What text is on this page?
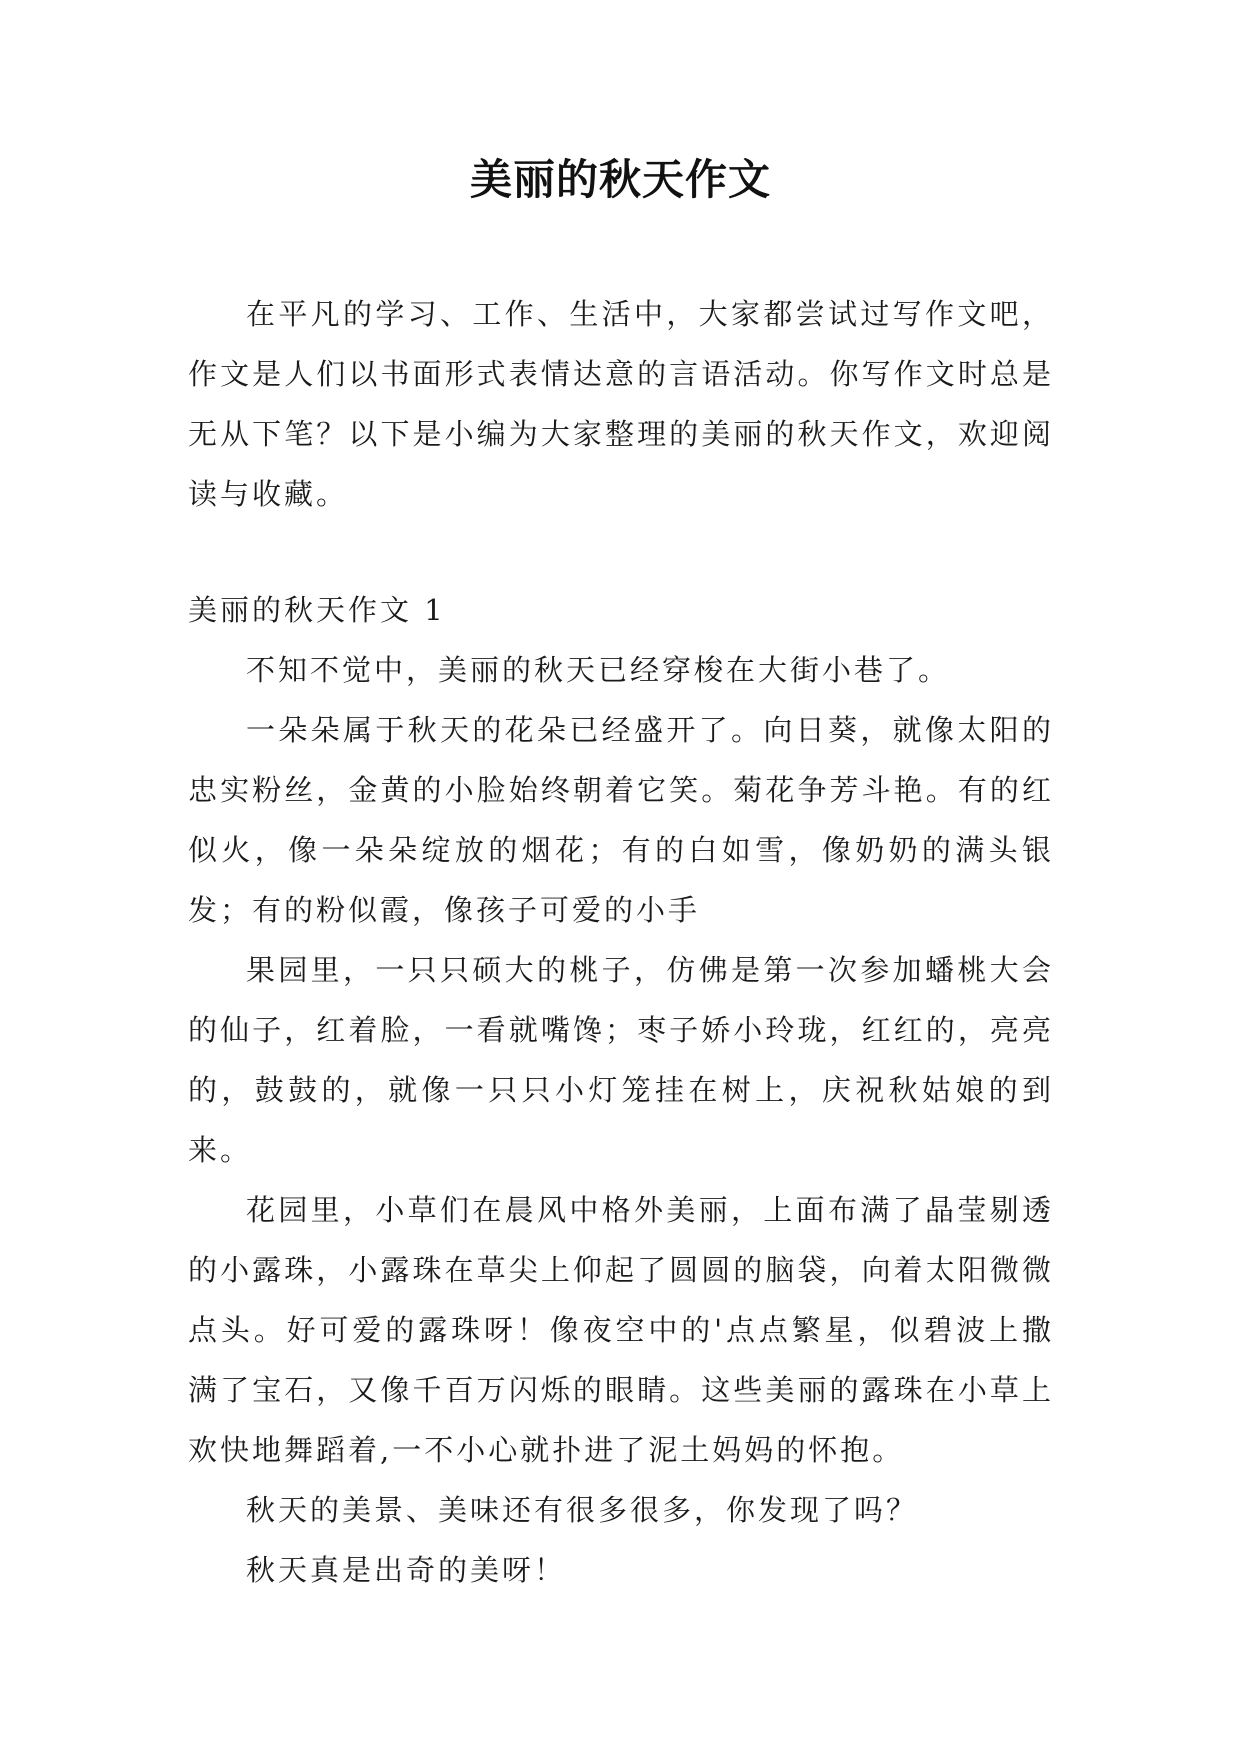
美丽的秋天作文

在平凡的学习、工作、生活中，大家都尝试过写作文吧，作文是人们以书面形式表情达意的言语活动。你写作文时总是无从下笔？以下是小编为大家整理的美丽的秋天作文，欢迎阅读与收藏。

美丽的秋天作文 1

不知不觉中，美丽的秋天已经穿梭在大街小巷了。

一朵朵属于秋天的花朵已经盛开了。向日葵，就像太阳的忠实粉丝，金黄的小脸始终朝着它笑。菊花争芳斗艳。有的红似火，像一朵朵绽放的烟花；有的白如雪，像奶奶的满头银发；有的粉似霞，像孩子可爱的小手

果园里，一只只硕大的桃子，仿佛是第一次参加蟠桃大会的仙子，红着脸，一看就嘴馋；枣子娇小玲珑，红红的，亮亮的，鼓鼓的，就像一只只小灯笼挂在树上，庆祝秋姑娘的到来。

花园里，小草们在晨风中格外美丽，上面布满了晶莹剔透的小露珠，小露珠在草尖上仰起了圆圆的脑袋，向着太阳微微点头。好可爱的露珠呀！像夜空中的'点点繁星，似碧波上撒满了宝石，又像千百万闪烁的眼睛。这些美丽的露珠在小草上欢快地舞蹈着,一不小心就扑进了泥土妈妈的怀抱。

秋天的美景、美味还有很多很多，你发现了吗？

秋天真是出奇的美呀！
